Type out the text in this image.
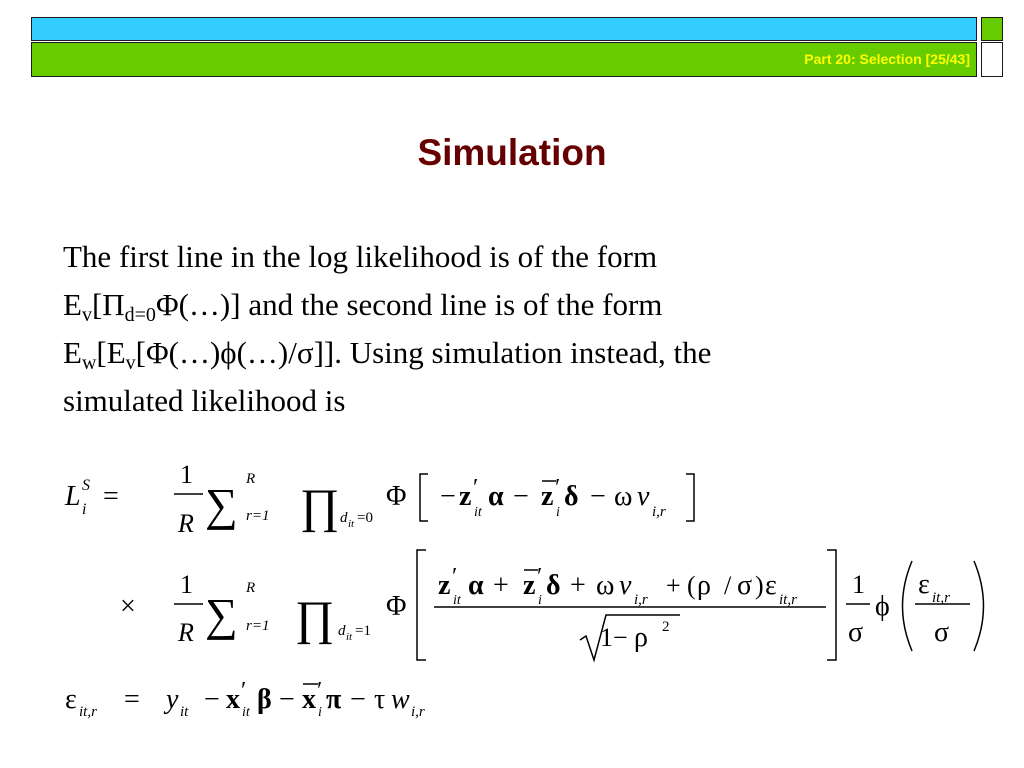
Part 20: Selection [25/43]
Simulation
The first line in the log likelihood is of the form
$E_v[\Pi_{d=0}\Phi(\dots)]$ and the second line is of the form
$E_w[E_v[\Phi(\dots)\phi(\dots)/\sigma]]$. Using simulation instead, the
simulated likelihood is
L S
i =
1
R ∑ R
r=1 ∏ d it =0
Φ − z ′
it
α − z ′
i
δ − ω v i,r
×
1
R ∑
R
r=1 ∏ d it =1
Φ
z ′
it α + z ′
i δ + ω v i,r + ( ρ / σ ) ε it,r
1− ρ 2
1
σ
ϕ
ε it,r
σ
ε it,r = y it − x ′
it β − x ′
i π − τ w i,r
